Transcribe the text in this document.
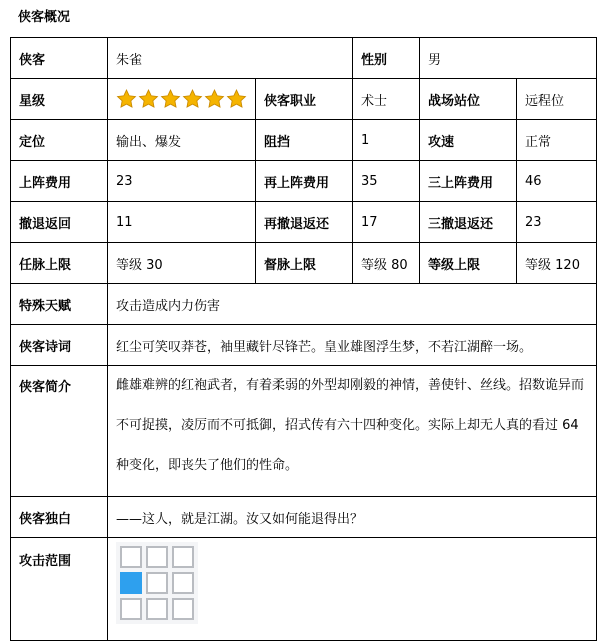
侠客概况
侠客	朱雀		性别	男	
星级		侠客职业	术士	战场站位	远程位
定位	输出、爆发	阻挡	1	攻速	正常
上阵费用	23	再上阵费用	35	三上阵费用	46
撤退返回	11	再撤退返还	17	三撤退返还	23
任脉上限	等级 30	督脉上限	等级 80	等级上限	等级 120
特殊天赋	攻击造成内力伤害				
侠客诗词	红尘可笑叹莽苍，袖里藏针尽锋芒。皇业雄图浮生梦，不若江湖醉一场。				
侠客简介	雌雄难辨的红袍武者，有着柔弱的外型却刚毅的神情，善使针、丝线。招数诡异而不可捉摸，凌厉而不可抵御，招式传有六十四种变化。实际上却无人真的看过 64 种变化，即丧失了他们的性命。				
侠客独白	——这人，就是江湖。汝又如何能退得出？				
攻击范围					
